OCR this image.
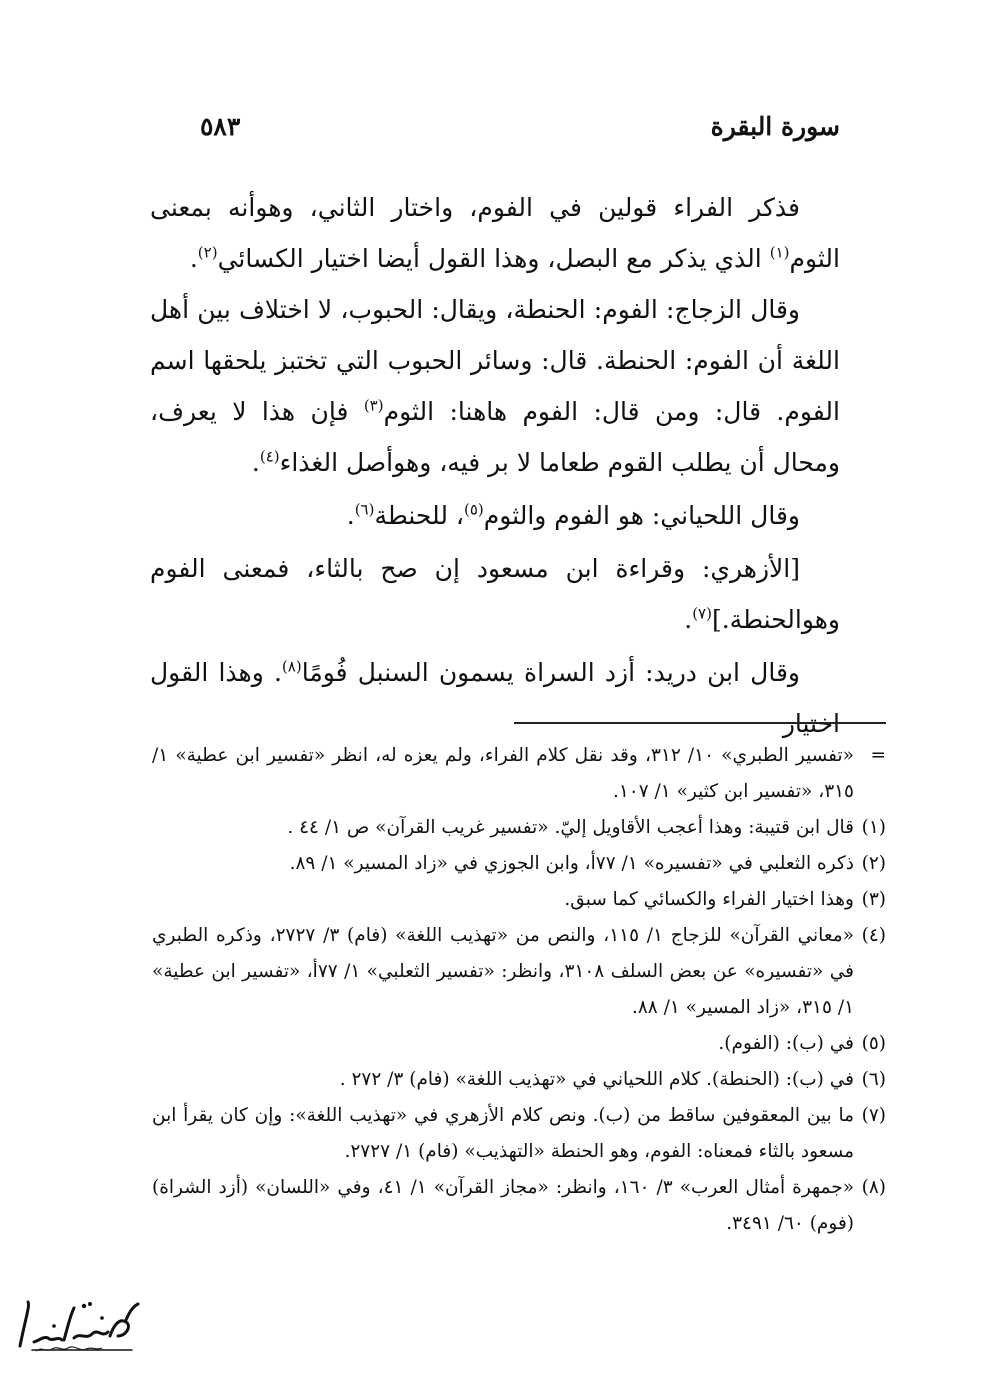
سورة البقرة
٥٨٣

فذكر الفراء قولين في الفوم، واختار الثاني، وهوأنه بمعنى الثوم$^{(١)}$ الذي يذكر مع البصل، وهذا القول أيضا اختيار الكسائي$^{(٢)}$.

وقال الزجاج: الفوم: الحنطة، ويقال: الحبوب، لا اختلاف بين أهل اللغة أن الفوم: الحنطة. قال: وسائر الحبوب التي تختبز يلحقها اسم الفوم. قال: ومن قال: الفوم هاهنا: الثوم$^{(٣)}$ فإن هذا لا يعرف، ومحال أن يطلب القوم طعاما لا بر فيه، وهوأصل الغذاء$^{(٤)}$.

وقال اللحياني: هو الفوم والثوم$^{(٥)}$، للحنطة$^{(٦)}$.

[الأزهري: وقراءة ابن مسعود إن صح بالثاء، فمعنى الفوم وهوالحنطة.]$^{(٧)}$.

وقال ابن دريد: أزد السراة يسمون السنبل فُومًا$^{(٨)}$. وهذا القول اختيار

=
«تفسير الطبري» ١٠/ ٣١٢، وقد نقل كلام الفراء، ولم يعزه له، انظر «تفسير ابن عطية» ١/ ٣١٥، «تفسير ابن كثير» ١/ ١٠٧.
(١)
قال ابن قتيبة: وهذا أعجب الأقاويل إليّ. «تفسير غريب القرآن» ص ١/ ٤٤ .
(٢)
ذكره الثعلبي في «تفسيره» ١/ ٧٧أ، وابن الجوزي في «زاد المسير» ١/ ٨٩.
(٣)
وهذا اختيار الفراء والكسائي كما سبق.
(٤)
«معاني القرآن» للزجاج ١/ ١١٥، والنص من «تهذيب اللغة» (فام) ٣/ ٢٧٢٧، وذكره الطبري في «تفسيره» عن بعض السلف ٣١٠٨، وانظر: «تفسير الثعلبي» ١/ ٧٧أ، «تفسير ابن عطية» ١/ ٣١٥، «زاد المسير» ١/ ٨٨.
(٥)
في (ب): (الفوم).
(٦)
في (ب): (الحنطة). كلام اللحياني في «تهذيب اللغة» (فام) ٣/ ٢٧٢ .
(٧)
ما بين المعقوفين ساقط من (ب). ونص كلام الأزهري في «تهذيب اللغة»: وإن كان يقرأ ابن مسعود بالثاء فمعناه: الفوم، وهو الحنطة «التهذيب» (فام) ١/ ٢٧٢٧.
(٨)
«جمهرة أمثال العرب» ٣/ ١٦٠، وانظر: «مجاز القرآن» ١/ ٤١، وفي «اللسان» (أزد الشراة) (فوم) ٦٠/ ٣٤٩١.
